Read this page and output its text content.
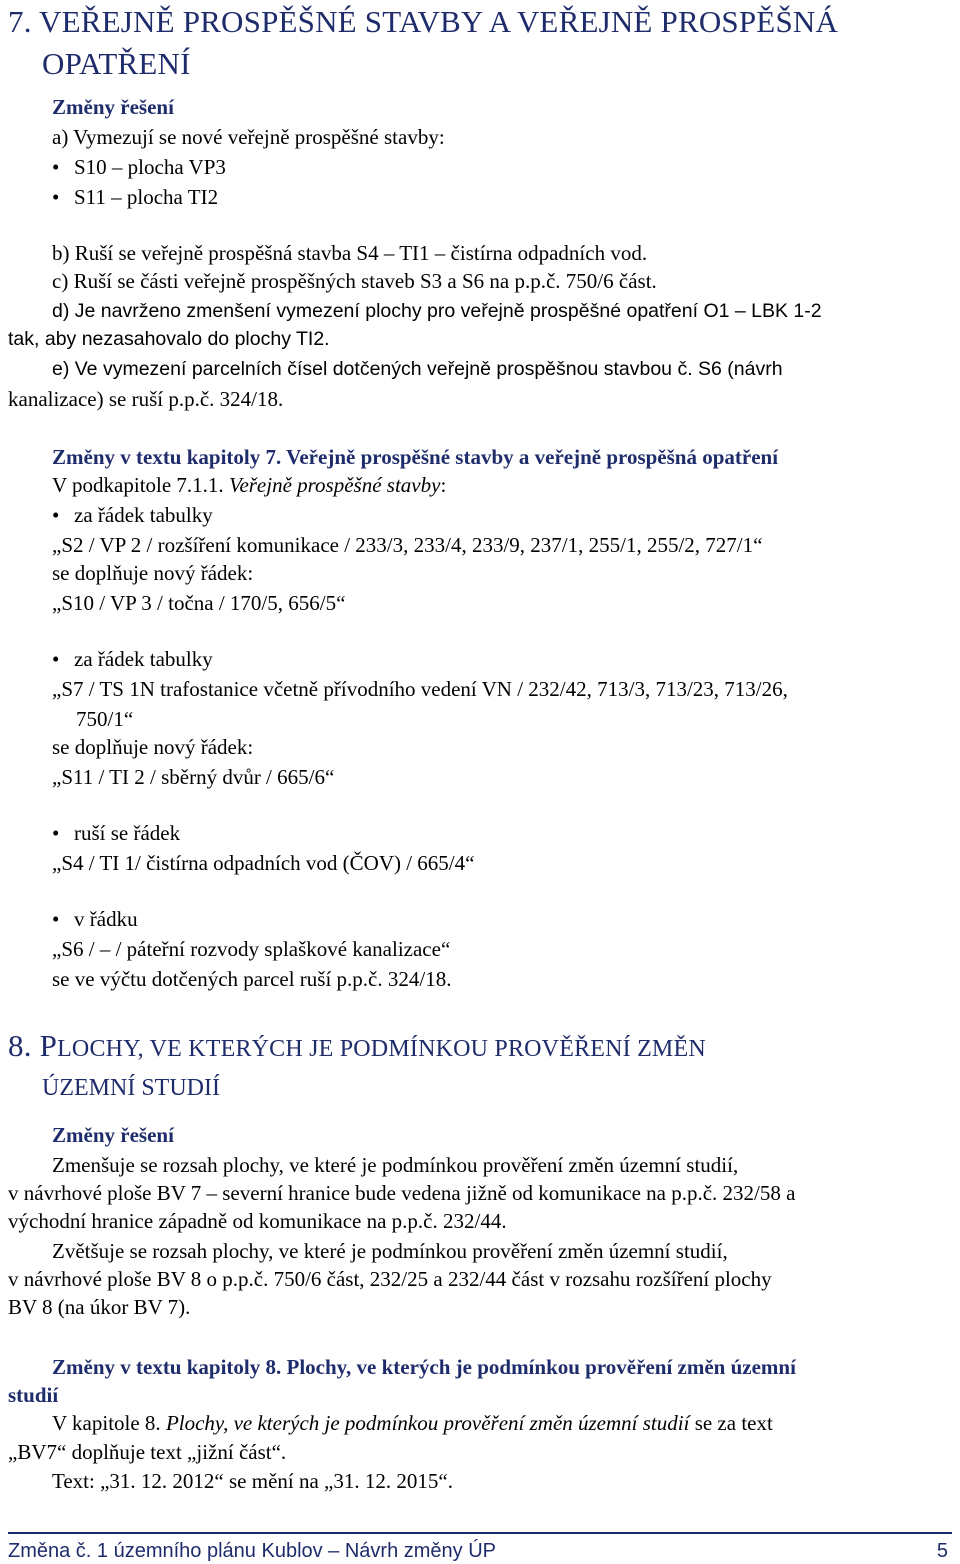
7. VEŘEJNĚ PROSPĚŠNÉ STAVBY A VEŘEJNĚ PROSPĚŠNÁ
OPATŘENÍ
Změny řešení
a) Vymezují se nové veřejně prospěšné stavby:
•S10 – plocha VP3
•S11 – plocha TI2
b) Ruší se veřejně prospěšná stavba S4 – TI1 – čistírna odpadních vod.
c) Ruší se části veřejně prospěšných staveb S3 a S6 na p.p.č. 750/6 část.
d) Je navrženo zmenšení vymezení plochy pro veřejně prospěšné opatření O1 – LBK 1-2
tak, aby nezasahovalo do plochy TI2.
e) Ve vymezení parcelních čísel dotčených veřejně prospěšnou stavbou č. S6 (návrh
kanalizace) se ruší p.p.č. 324/18.
Změny v textu kapitoly 7. Veřejně prospěšné stavby a veřejně prospěšná opatření
V podkapitole 7.1.1. Veřejně prospěšné stavby:
•za řádek tabulky
„S2 / VP 2 / rozšíření komunikace / 233/3, 233/4, 233/9, 237/1, 255/1, 255/2, 727/1“
se doplňuje nový řádek:
„S10 / VP 3 / točna / 170/5, 656/5“
•za řádek tabulky
„S7 / TS 1N trafostanice včetně přívodního vedení VN / 232/42, 713/3, 713/23, 713/26,
750/1“
se doplňuje nový řádek:
„S11 / TI 2 / sběrný dvůr / 665/6“
•ruší se řádek
„S4 / TI 1/ čistírna odpadních vod (ČOV) / 665/4“
•v řádku
„S6 / – / páteřní rozvody splaškové kanalizace“
se ve výčtu dotčených parcel ruší p.p.č. 324/18.
8. PLOCHY, VE KTERÝCH JE PODMÍNKOU PROVĚŘENÍ ZMĚN
ÚZEMNÍ STUDIÍ
Změny řešení
Zmenšuje se rozsah plochy, ve které je podmínkou prověření změn územní studií,
v návrhové ploše BV 7 – severní hranice bude vedena jižně od komunikace na p.p.č. 232/58 a
východní hranice západně od komunikace na p.p.č. 232/44.
Zvětšuje se rozsah plochy, ve které je podmínkou prověření změn územní studií,
v návrhové ploše BV 8 o p.p.č. 750/6 část, 232/25 a 232/44 část v rozsahu rozšíření plochy
BV 8 (na úkor BV 7).
Změny v textu kapitoly 8. Plochy, ve kterých je podmínkou prověření změn územní
studií
V kapitole 8. Plochy, ve kterých je podmínkou prověření změn územní studií se za text
„BV7“ doplňuje text „jižní část“.
Text: „31. 12. 2012“ se mění na „31. 12. 2015“.
Změna č. 1 územního plánu Kublov – Návrh změny ÚP	5
